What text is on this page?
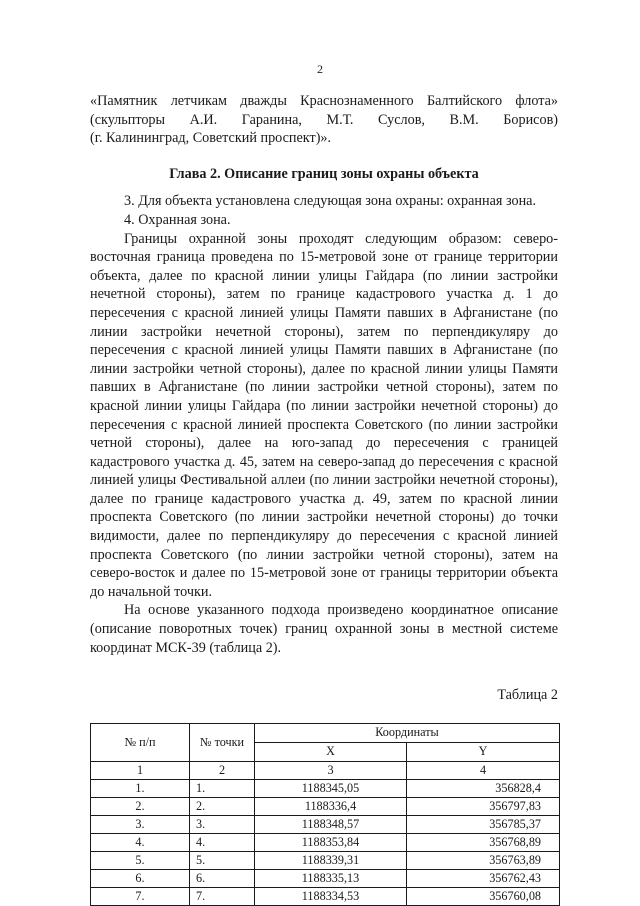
2

«Памятник летчикам дважды Краснознаменного Балтийского флота»

(скульпторы А.И. Гаранина, М.Т. Суслов, В.М. Борисов)

(г. Калининград, Советский проспект)».

Глава 2. Описание границ зоны охраны объекта

3. Для объекта установлена следующая зона охраны: охранная зона.

4. Охранная зона.

Границы охранной зоны проходят следующим образом: северо-восточная граница проведена по 15-метровой зоне от границе территории объекта, далее по красной линии улицы Гайдара (по линии застройки нечетной стороны), затем по границе кадастрового участка д. 1 до пересечения с красной линией улицы Памяти павших в Афганистане (по линии застройки нечетной стороны), затем по перпендикуляру до пересечения с красной линией улицы Памяти павших в Афганистане (по линии застройки четной стороны), далее по красной линии улицы Памяти павших в Афганистане (по линии застройки четной стороны), затем по красной линии улицы Гайдара (по линии застройки нечетной стороны) до пересечения с красной линией проспекта Советского (по линии застройки четной стороны), далее на юго-запад до пересечения с границей кадастрового участка д. 45, затем на северо-запад до пересечения с красной линией улицы Фестивальной аллеи (по линии застройки нечетной стороны), далее по границе кадастрового участка д. 49, затем по красной линии проспекта Советского (по линии застройки нечетной стороны) до точки видимости, далее по перпендикуляру до пересечения с красной линией проспекта Советского (по линии застройки четной стороны), затем на северо-восток и далее по 15-метровой зоне от границы территории объекта до начальной точки.

На основе указанного подхода произведено координатное описание (описание поворотных точек) границ охранной зоны в местной системе координат МСК-39 (таблица 2).

Таблица 2

№ п/п	№ точки	Координаты	
		X	Y
1	2	3	4
1.	1.	1188345,05	356828,4
2.	2.	1188336,4	356797,83
3.	3.	1188348,57	356785,37
4.	4.	1188353,84	356768,89
5.	5.	1188339,31	356763,89
6.	6.	1188335,13	356762,43
7.	7.	1188334,53	356760,08
